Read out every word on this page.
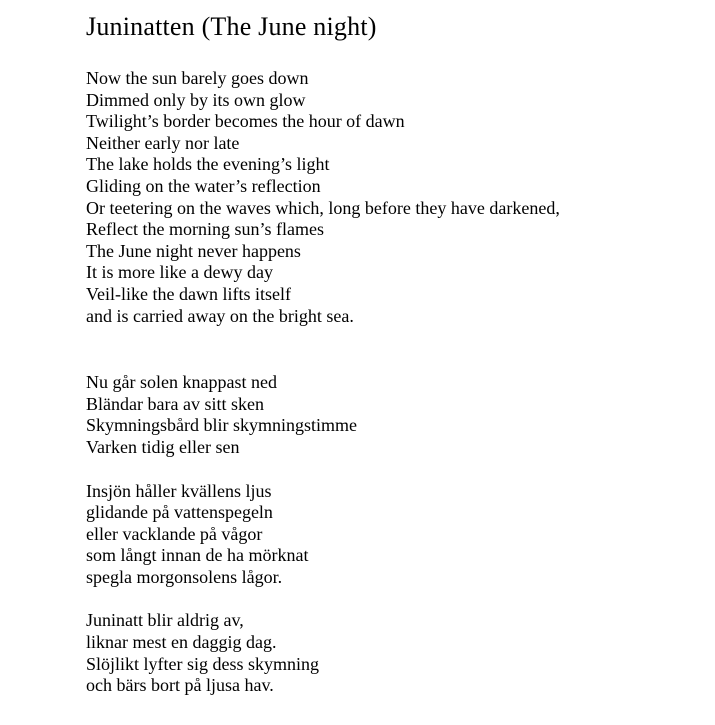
Juninatten (The June night)
Now the sun barely goes down
Dimmed only by its own glow
Twilight’s border becomes the hour of dawn
Neither early nor late
The lake holds the evening’s light
Gliding on the water’s reflection
Or teetering on the waves which, long before they have darkened,
Reflect the morning sun’s flames
The June night never happens
It is more like a dewy day
Veil-like the dawn lifts itself
and is carried away on the bright sea.
Nu går solen knappast ned
Bländar bara av sitt sken
Skymningsbård blir skymningstimme
Varken tidig eller sen
Insjön håller kvällens ljus
glidande på vattenspegeln
eller vacklande på vågor
som långt innan de ha mörknat
spegla morgonsolens lågor.
Juninatt blir aldrig av,
liknar mest en daggig dag.
Slöjlikt lyfter sig dess skymning
och bärs bort på ljusa hav.
